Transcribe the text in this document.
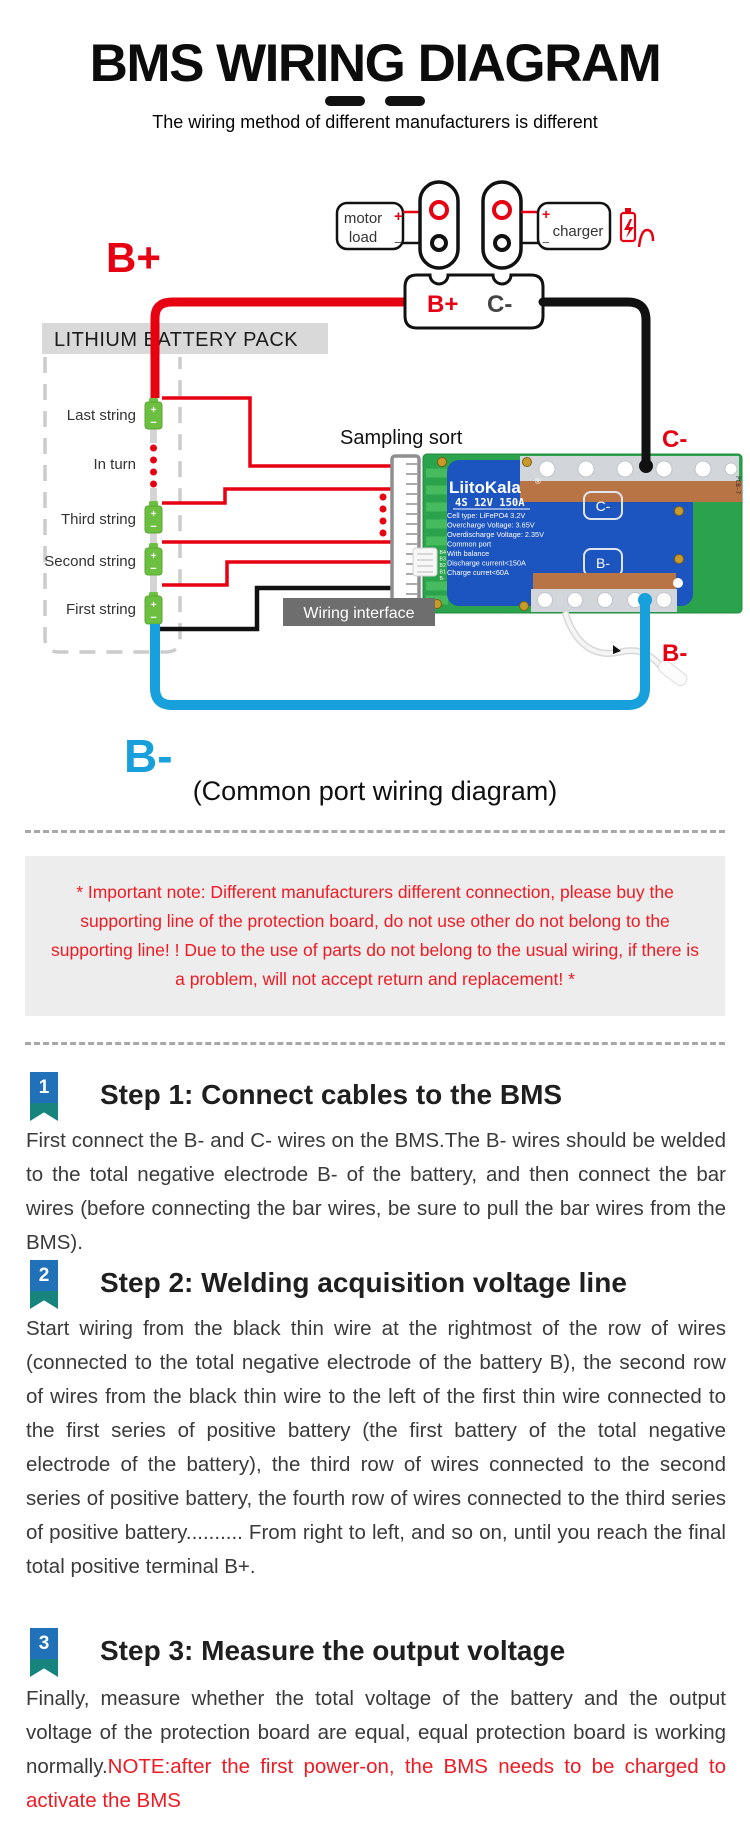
BMS WIRING DIAGRAM

The wiring method of different manufacturers is different
LITHIUM BATTERY PACK
+
−
+
−
+
−
+
−
Last string
In turn
Third string
Second string
First string
motor
load
+
−
charger
+
−
B+ C-
B+
LiitoKala ®
4S 12V 150A
Cell type: LiFePO4 3.2V
Overcharge Voltage: 3.65V
Overdischarge Voltage: 2.35V
Common port
With balance
Discharge current<150A
Charge curret<60A
C-
B-
PCB-7
B4
B3
B2
B1
B-
Wiring interface
Sampling sort	C-
B-
B-
(Common port wiring diagram)
* Important note: Different manufacturers different connection, please buy the supporting line of the protection board, do not use other do not belong to the supporting line! ! Due to the use of parts do not belong to the usual wiring, if there is a problem, will not accept return and replacement! *
1	Step 1: Connect cables to the BMS
First connect the B- and C- wires on the BMS.The B- wires should be welded to the total negative electrode B- of the battery, and then connect the bar wires (before connecting the bar wires, be sure to pull the bar wires from the BMS).
2	Step 2: Welding acquisition voltage line
Start wiring from the black thin wire at the rightmost of the row of wires (connected to the total negative electrode of the battery B), the second row of wires from the black thin wire to the left of the first thin wire connected to the first series of positive battery (the first battery of the total negative electrode of the battery), the third row of wires connected to the second series of positive battery, the fourth row of wires connected to the third series of positive battery.......... From right to left, and so on, until you reach the final total positive terminal B+.
3	Step 3: Measure the output voltage
Finally, measure whether the total voltage of the battery and the output voltage of the protection board are equal, equal protection board is working normally.NOTE:after the first power-on, the BMS needs to be charged to activate the BMS
